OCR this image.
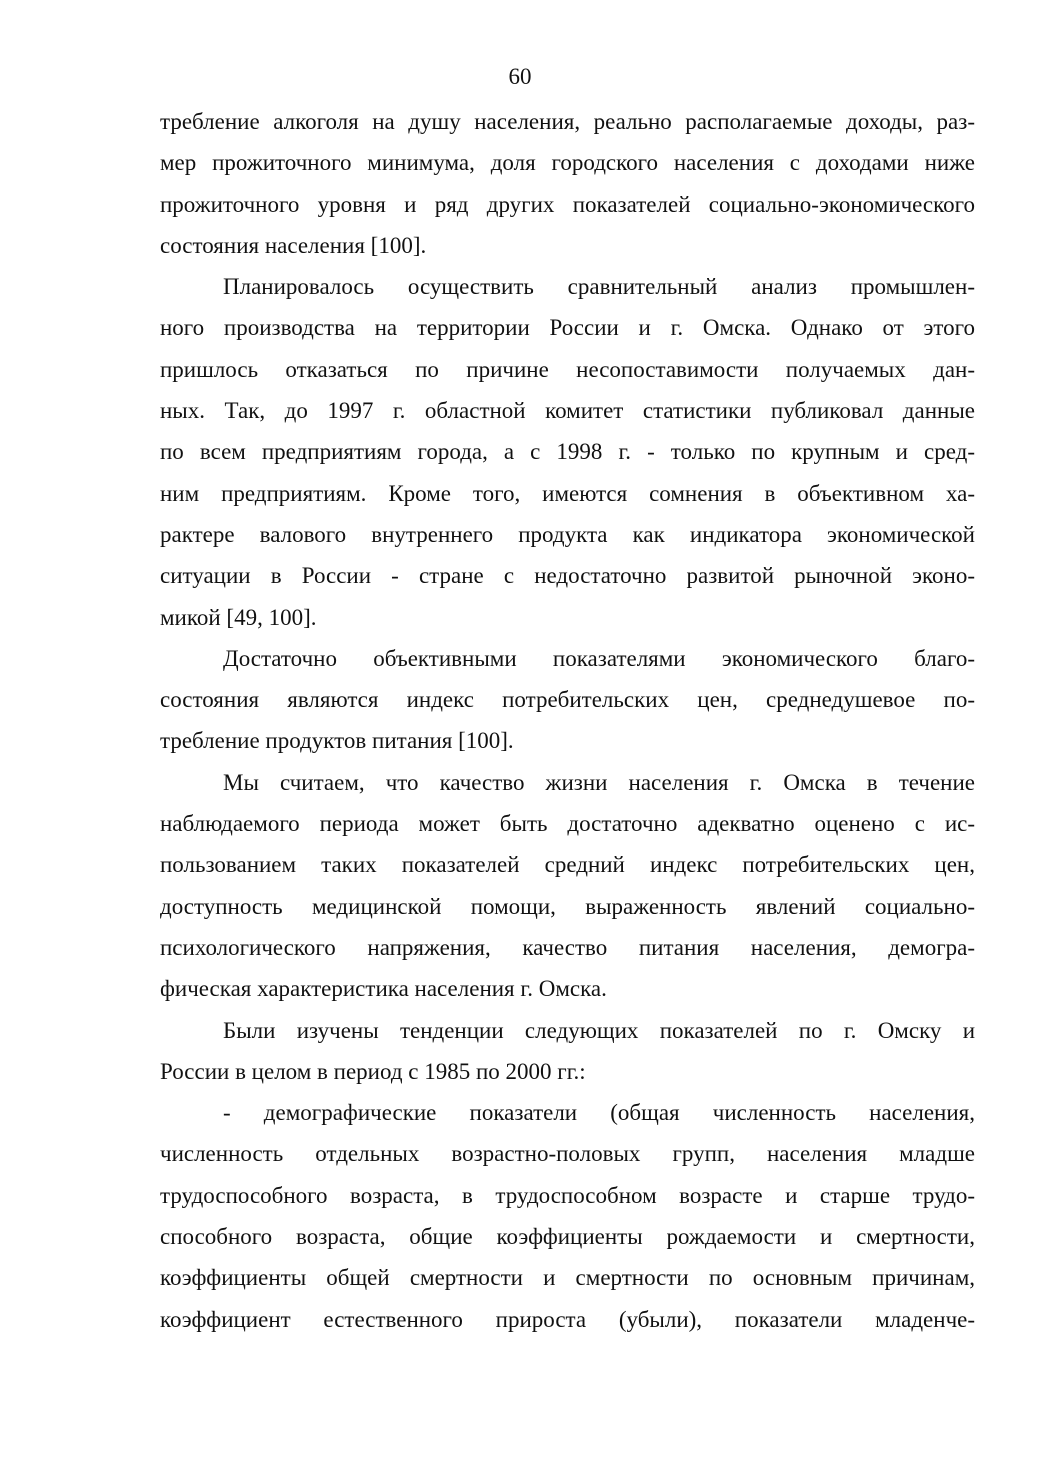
60
требление алкоголя на душу населения, реально располагаемые доходы, раз-
мер прожиточного минимума, доля городского населения с доходами ниже
прожиточного уровня и ряд других показателей социально-экономического
состояния населения [100].
Планировалось осуществить сравнительный анализ промышлен-
ного производства на территории России и г. Омска. Однако от этого
пришлось отказаться по причине несопоставимости получаемых дан-
ных. Так, до 1997 г. областной комитет статистики публиковал данные
по всем предприятиям города, а с 1998 г. - только по крупным и сред-
ним предприятиям. Кроме того, имеются сомнения в объективном ха-
рактере валового внутреннего продукта как индикатора экономической
ситуации в России - стране с недостаточно развитой рыночной эконо-
микой [49, 100].
Достаточно объективными показателями экономического благо-
состояния являются индекс потребительских цен, среднедушевое по-
требление продуктов питания [100].
Мы считаем, что качество жизни населения г. Омска в течение
наблюдаемого периода может быть достаточно адекватно оценено с ис-
пользованием таких показателей средний индекс потребительских цен,
доступность медицинской помощи, выраженность явлений социально-
психологического напряжения, качество питания населения, демогра-
фическая характеристика населения г. Омска.
Были изучены тенденции следующих показателей по г. Омску и
России в целом в период с 1985 по 2000 гг.:
- демографические показатели (общая численность населения,
численность отдельных возрастно-половых групп, населения младше
трудоспособного возраста, в трудоспособном возрасте и старше трудо-
способного возраста, общие коэффициенты рождаемости и смертности,
коэффициенты общей смертности и смертности по основным причинам,
коэффициент естественного прироста (убыли), показатели младенче-
